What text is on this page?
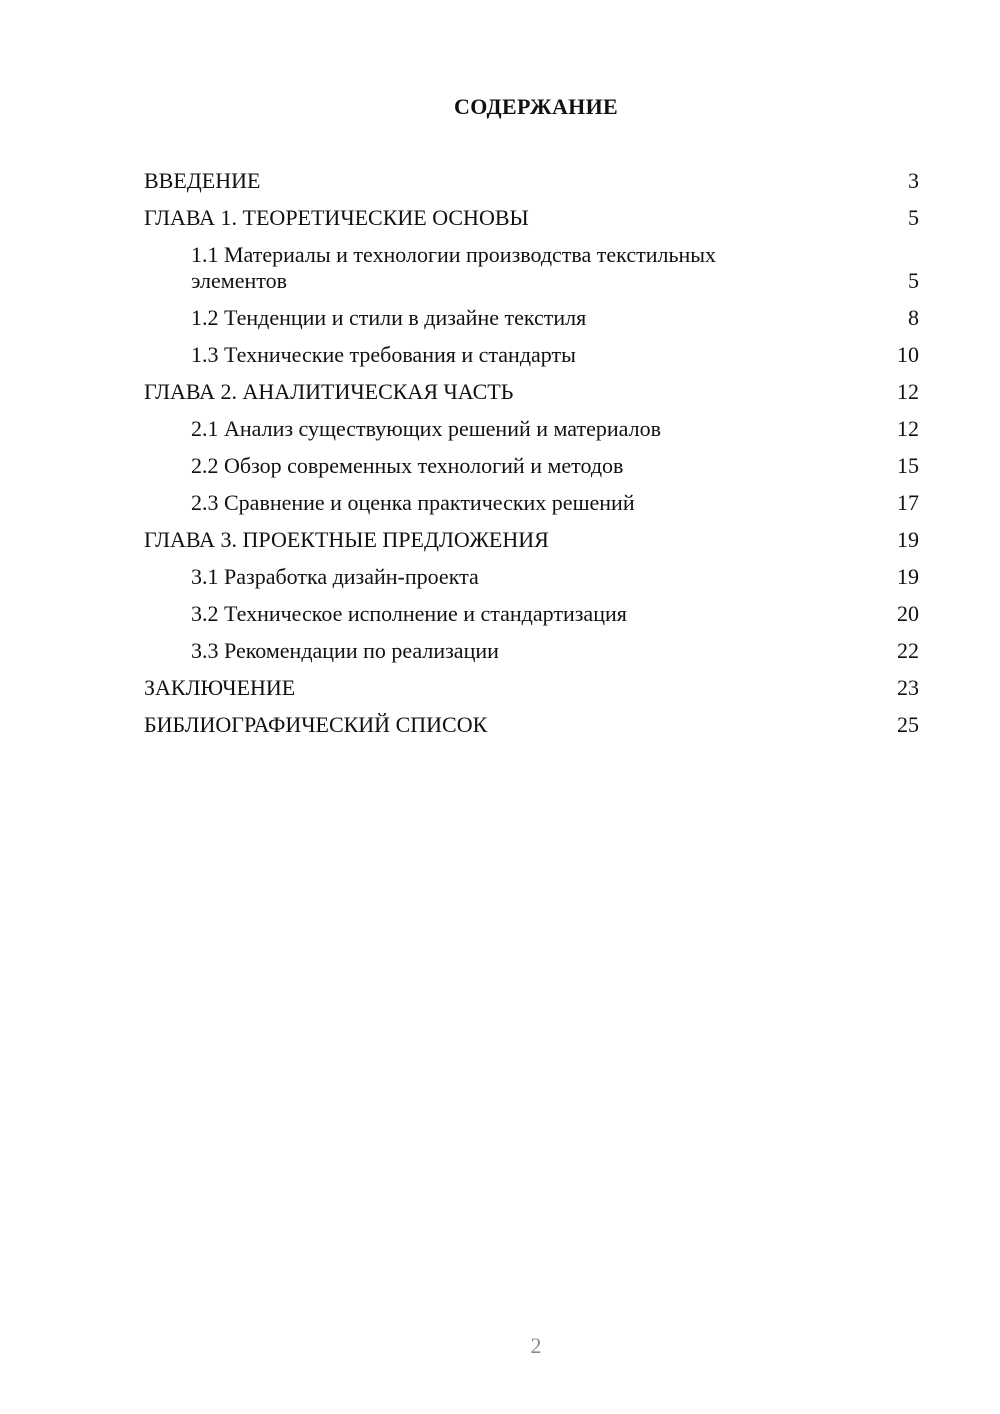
СОДЕРЖАНИЕ
ВВЕДЕНИЕ	3
ГЛАВА 1. ТЕОРЕТИЧЕСКИЕ ОСНОВЫ	5
1.1 Материалы и технологии производства текстильных элементов	5
1.2 Тенденции и стили в дизайне текстиля	8
1.3 Технические требования и стандарты	10
ГЛАВА 2. АНАЛИТИЧЕСКАЯ ЧАСТЬ	12
2.1 Анализ существующих решений и материалов	12
2.2 Обзор современных технологий и методов	15
2.3 Сравнение и оценка практических решений	17
ГЛАВА 3. ПРОЕКТНЫЕ ПРЕДЛОЖЕНИЯ	19
3.1 Разработка дизайн-проекта	19
3.2 Техническое исполнение и стандартизация	20
3.3 Рекомендации по реализации	22
ЗАКЛЮЧЕНИЕ	23
БИБЛИОГРАФИЧЕСКИЙ СПИСОК	25
2
